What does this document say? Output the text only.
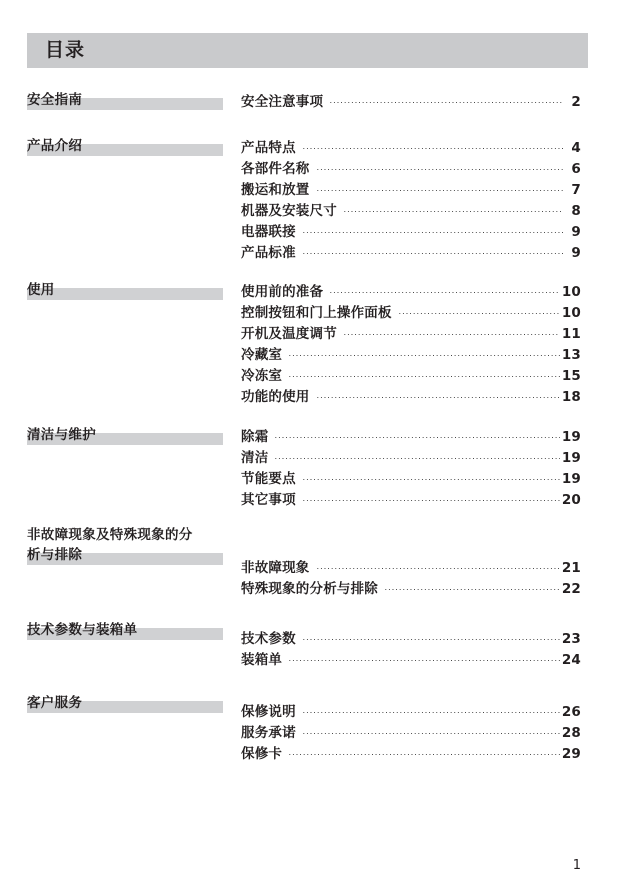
目录
安全指南	安全注意事项	2
产品介绍	产品特点	4
各部件名称	6
搬运和放置	7
机器及安装尺寸	8
电器联接	9
产品标准	9
使用	使用前的准备	10
控制按钮和门上操作面板	10
开机及温度调节	11
冷藏室	13
冷冻室	15
功能的使用	18
清洁与维护	除霜	19
清洁	19
节能要点	19
其它事项	20
非故障现象及特殊现象的分
析与排除
非故障现象	21
特殊现象的分析与排除	22
技术参数与装箱单
技术参数	23
装箱单	24
客户服务
保修说明	26
服务承诺	28
保修卡	29
1
